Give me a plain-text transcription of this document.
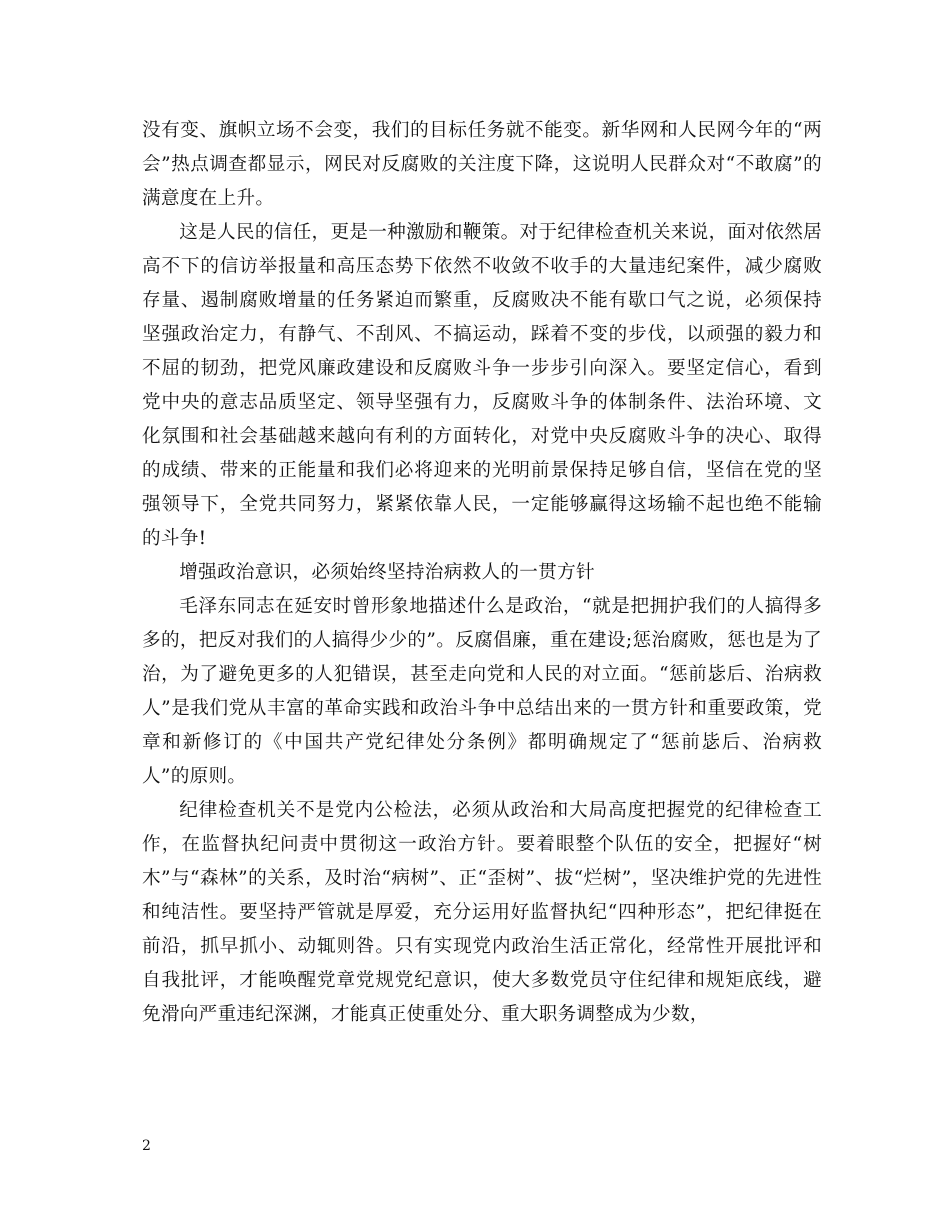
没有变、旗帜立场不会变，我们的目标任务就不能变。新华网和人民网今年的“两会”热点调查都显示，网民对反腐败的关注度下降，这说明人民群众对“不敢腐”的满意度在上升。

这是人民的信任，更是一种激励和鞭策。对于纪律检查机关来说，面对依然居高不下的信访举报量和高压态势下依然不收敛不收手的大量违纪案件，减少腐败存量、遏制腐败增量的任务紧迫而繁重，反腐败决不能有歇口气之说，必须保持坚强政治定力，有静气、不刮风、不搞运动，踩着不变的步伐，以顽强的毅力和不屈的韧劲，把党风廉政建设和反腐败斗争一步步引向深入。要坚定信心，看到党中央的意志品质坚定、领导坚强有力，反腐败斗争的体制条件、法治环境、文化氛围和社会基础越来越向有利的方面转化，对党中央反腐败斗争的决心、取得的成绩、带来的正能量和我们必将迎来的光明前景保持足够自信，坚信在党的坚强领导下，全党共同努力，紧紧依靠人民，一定能够赢得这场输不起也绝不能输的斗争!

增强政治意识，必须始终坚持治病救人的一贯方针

毛泽东同志在延安时曾形象地描述什么是政治，“就是把拥护我们的人搞得多多的，把反对我们的人搞得少少的”。反腐倡廉，重在建设;惩治腐败，惩也是为了治，为了避免更多的人犯错误，甚至走向党和人民的对立面。“惩前毖后、治病救人”是我们党从丰富的革命实践和政治斗争中总结出来的一贯方针和重要政策，党章和新修订的《中国共产党纪律处分条例》都明确规定了“惩前毖后、治病救人”的原则。

纪律检查机关不是党内公检法，必须从政治和大局高度把握党的纪律检查工作，在监督执纪问责中贯彻这一政治方针。要着眼整个队伍的安全，把握好“树木”与“森林”的关系，及时治“病树”、正“歪树”、拔“烂树”，坚决维护党的先进性和纯洁性。要坚持严管就是厚爱，充分运用好监督执纪“四种形态”，把纪律挺在前沿，抓早抓小、动辄则咎。只有实现党内政治生活正常化，经常性开展批评和自我批评，才能唤醒党章党规党纪意识，使大多数党员守住纪律和规矩底线，避免滑向严重违纪深渊，才能真正使重处分、重大职务调整成为少数，

2
